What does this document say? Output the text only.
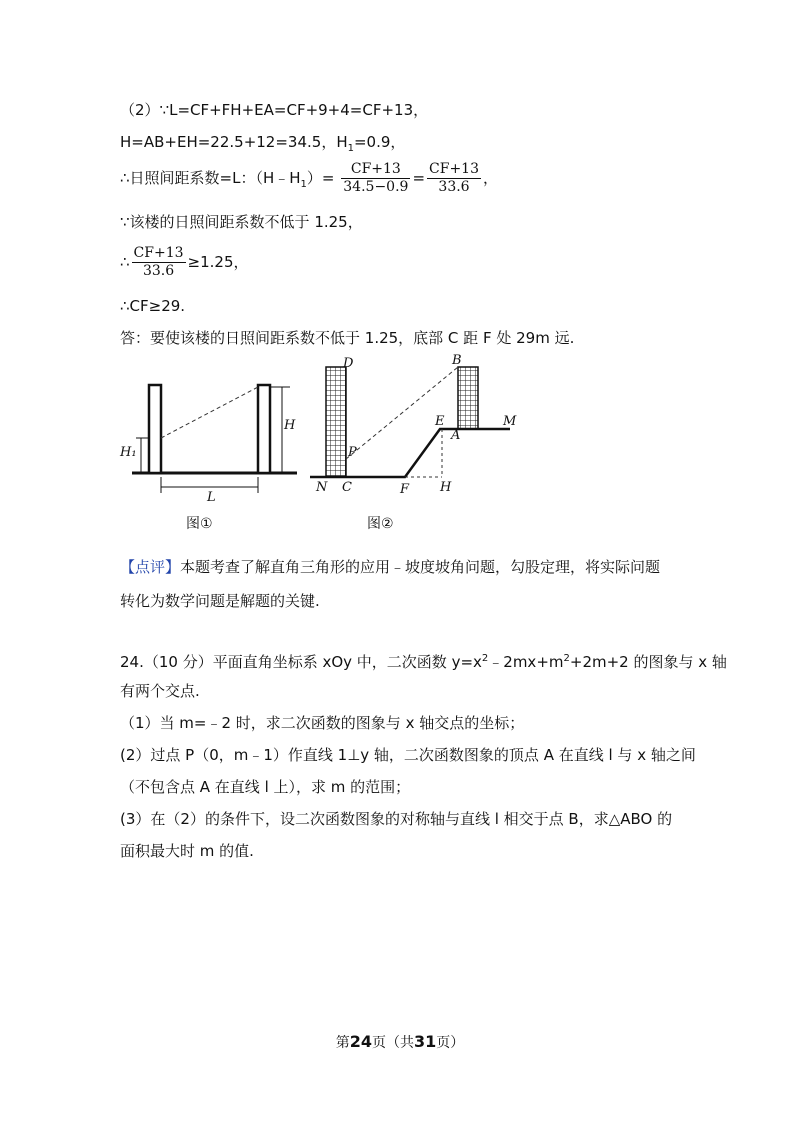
（2）∵L=CF+FH+EA=CF+9+4=CF+13，
H=AB+EH=22.5+12=34.5，$H_1=0.9$，
∴日照间距系数=L：$(H﹣H_1)= \frac{CF+13}{34.5-0.9} = \frac{CF+13}{33.6}$ ，
∵该楼的日照间距系数不低于 1.25，
∴ $\frac{CF+13}{33.6} \ge 1.25$，
∴CF≥29.
答：要使该楼的日照间距系数不低于 1.25，底部 C 距 F 处 29m 远.
H
H₁
L
图①
D	B
E
A
M
P
N C	F H
图②
【点评】本题考查了解直角三角形的应用﹣坡度坡角问题，勾股定理，将实际问题
转化为数学问题是解题的关键.
24.（10 分）平面直角坐标系 xOy 中，二次函数 $y=x^2﹣2mx+m^2+2m+2$ 的图象与 x 轴
有两个交点.
（1）当 m=﹣2 时，求二次函数的图象与 x 轴交点的坐标；
(2）过点 P（0，m﹣1）作直线 1⊥y 轴，二次函数图象的顶点 A 在直线 l 与 x 轴之间
（不包含点 A 在直线 l 上），求 m 的范围；
(3）在（2）的条件下，设二次函数图象的对称轴与直线 l 相交于点 B，求△ABO 的
面积最大时 m 的值.
第24页（共31页）
